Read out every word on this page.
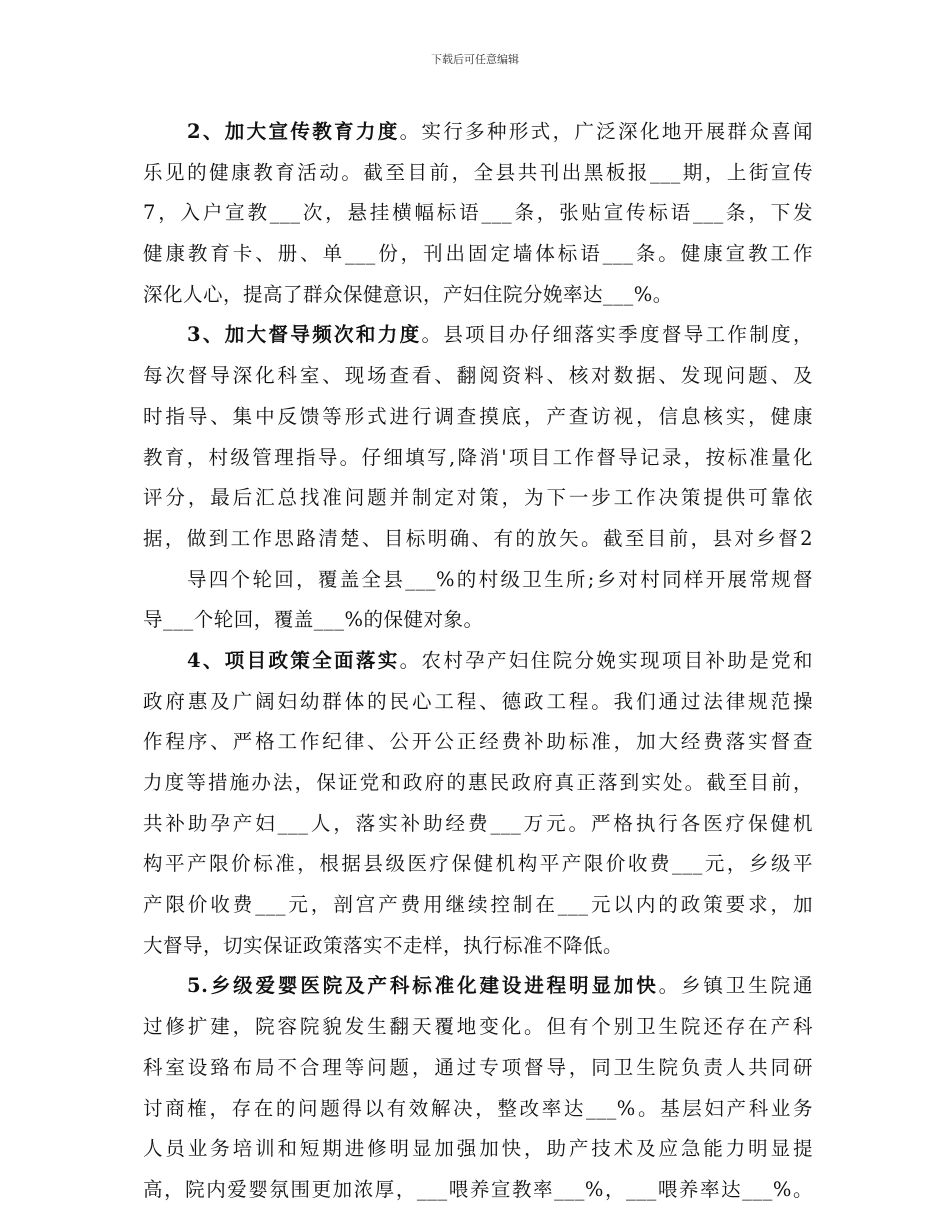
下载后可任意编辑
2、加大宣传教育力度。实行多种形式，广泛深化地开展群众喜闻
乐见的健康教育活动。截至目前，全县共刊出黑板报___期，上街宣传
7，入户宣教___次，悬挂横幅标语___条，张贴宣传标语___条，下发
健康教育卡、册、单___份，刊出固定墙体标语___条。健康宣教工作
深化人心，提高了群众保健意识，产妇住院分娩率达___%。
3、加大督导频次和力度。县项目办仔细落实季度督导工作制度，
每次督导深化科室、现场查看、翻阅资料、核对数据、发现问题、及
时指导、集中反馈等形式进行调查摸底，产查访视，信息核实，健康
教育，村级管理指导。仔细填写,降消'项目工作督导记录，按标准量化
评分，最后汇总找准问题并制定对策，为下一步工作决策提供可靠依
据，做到工作思路清楚、目标明确、有的放矢。截至目前，县对乡督2
导四个轮回，覆盖全县___%的村级卫生所;乡对村同样开展常规督
导___个轮回，覆盖___%的保健对象。
4、项目政策全面落实。农村孕产妇住院分娩实现项目补助是党和
政府惠及广阔妇幼群体的民心工程、德政工程。我们通过法律规范操
作程序、严格工作纪律、公开公正经费补助标准，加大经费落实督查
力度等措施办法，保证党和政府的惠民政府真正落到实处。截至目前，
共补助孕产妇___人，落实补助经费___万元。严格执行各医疗保健机
构平产限价标准，根据县级医疗保健机构平产限价收费___元，乡级平
产限价收费___元，剖宫产费用继续控制在___元以内的政策要求，加
大督导，切实保证政策落实不走样，执行标准不降低。
5.乡级爱婴医院及产科标准化建设进程明显加快。乡镇卫生院通
过修扩建，院容院貌发生翻天覆地变化。但有个别卫生院还存在产科
科室设臵布局不合理等问题，通过专项督导，同卫生院负责人共同研
讨商榷，存在的问题得以有效解决，整改率达___%。基层妇产科业务
人员业务培训和短期进修明显加强加快，助产技术及应急能力明显提
高，院内爱婴氛围更加浓厚，___喂养宣教率___%，___喂养率达___%。
